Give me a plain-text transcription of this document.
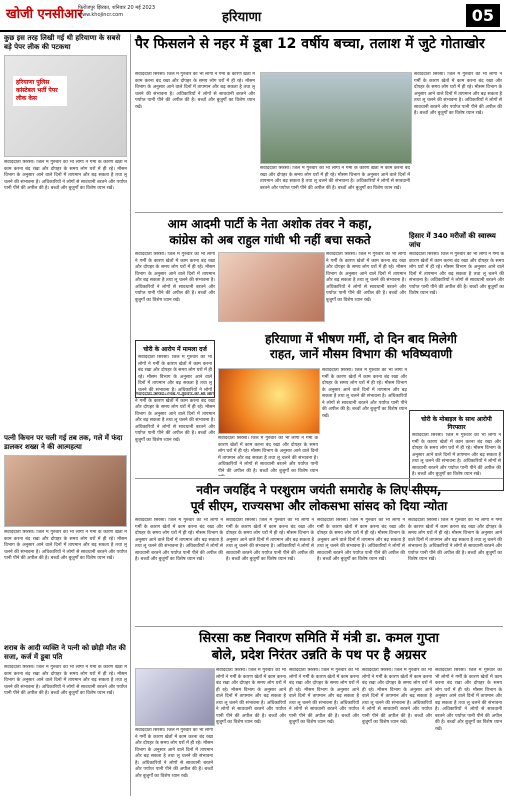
खोजी एनसीआर
फिरोजपुर झिरका, शनिवार 20 मई 2023
www.khojincr.com	हरियाणा	05
कुछ इस तरह लिखी गई थी हरियाणा के सबसे बड़े पेपर लीक की पटकथा
हरियाणा पुलिस कांस्टेबल भर्ती पेपर लीक केस
संवाददाता सिरसा। जिले में गुरुवार को भी लोगों ने गर्मी के कारण खेतों में काम करना बंद रखा और दोपहर के समय लोग घरों में ही रहे। मौसम विभाग के अनुसार आने वाले दिनों में तापमान और बढ़ सकता है तथा लू चलने की संभावना है। अधिकारियों ने लोगों से सावधानी बरतने और पर्याप्त पानी पीने की अपील की है। बच्चों और बुजुर्गों का विशेष ध्यान रखें।
पत्नी किचन पर चली गई तब तक, गले में फंदा डालकर शख्स ने की आत्महत्या
संवाददाता सिरसा। जिले में गुरुवार को भी लोगों ने गर्मी के कारण खेतों में काम करना बंद रखा और दोपहर के समय लोग घरों में ही रहे। मौसम विभाग के अनुसार आने वाले दिनों में तापमान और बढ़ सकता है तथा लू चलने की संभावना है। अधिकारियों ने लोगों से सावधानी बरतने और पर्याप्त पानी पीने की अपील की है। बच्चों और बुजुर्गों का विशेष ध्यान रखें।
शराब के आदी व्यक्ति ने पत्नी को छोड़ी मौत की सजा, कर्ज में डूबा पति
संवाददाता सिरसा। जिले में गुरुवार को भी लोगों ने गर्मी के कारण खेतों में काम करना बंद रखा और दोपहर के समय लोग घरों में ही रहे। मौसम विभाग के अनुसार आने वाले दिनों में तापमान और बढ़ सकता है तथा लू चलने की संभावना है। अधिकारियों ने लोगों से सावधानी बरतने और पर्याप्त पानी पीने की अपील की है। बच्चों और बुजुर्गों का विशेष ध्यान रखें।
पैर फिसलने से नहर में डूबा 12 वर्षीय बच्चा, तलाश में जुटे गोताखोर
संवाददाता सिरसा। जिले में गुरुवार को भी लोगों ने गर्मी के कारण खेतों में काम करना बंद रखा और दोपहर के समय लोग घरों में ही रहे। मौसम विभाग के अनुसार आने वाले दिनों में तापमान और बढ़ सकता है तथा लू चलने की संभावना है। अधिकारियों ने लोगों से सावधानी बरतने और पर्याप्त पानी पीने की अपील की है। बच्चों और बुजुर्गों का विशेष ध्यान रखें।
संवाददाता सिरसा। जिले में गुरुवार को भी लोगों ने गर्मी के कारण खेतों में काम करना बंद रखा और दोपहर के समय लोग घरों में ही रहे। मौसम विभाग के अनुसार आने वाले दिनों में तापमान और बढ़ सकता है तथा लू चलने की संभावना है। अधिकारियों ने लोगों से सावधानी बरतने और पर्याप्त पानी पीने की अपील की है। बच्चों और बुजुर्गों का विशेष ध्यान रखें।
संवाददाता सिरसा। जिले में गुरुवार को भी लोगों ने गर्मी के कारण खेतों में काम करना बंद रखा और दोपहर के समय लोग घरों में ही रहे। मौसम विभाग के अनुसार आने वाले दिनों में तापमान और बढ़ सकता है तथा लू चलने की संभावना है। अधिकारियों ने लोगों से सावधानी बरतने और पर्याप्त पानी पीने की अपील की है। बच्चों और बुजुर्गों का विशेष ध्यान रखें।
आम आदमी पार्टी के नेता अशोक तंवर ने कहा,
कांग्रेस को अब राहुल गांधी भी नहीं बचा सकते
संवाददाता सिरसा। जिले में गुरुवार को भी लोगों ने गर्मी के कारण खेतों में काम करना बंद रखा और दोपहर के समय लोग घरों में ही रहे। मौसम विभाग के अनुसार आने वाले दिनों में तापमान और बढ़ सकता है तथा लू चलने की संभावना है। अधिकारियों ने लोगों से सावधानी बरतने और पर्याप्त पानी पीने की अपील की है। बच्चों और बुजुर्गों का विशेष ध्यान रखें।
संवाददाता सिरसा। जिले में गुरुवार को भी लोगों ने गर्मी के कारण खेतों में काम करना बंद रखा और दोपहर के समय लोग घरों में ही रहे। मौसम विभाग के अनुसार आने वाले दिनों में तापमान और बढ़ सकता है तथा लू चलने की संभावना है। अधिकारियों ने लोगों से सावधानी बरतने और पर्याप्त पानी पीने की अपील की है। बच्चों और बुजुर्गों का विशेष ध्यान रखें।
चोरी के आरोप में मामला दर्ज
संवाददाता सिरसा। जिले में गुरुवार को भी लोगों ने गर्मी के कारण खेतों में काम करना बंद रखा और दोपहर के समय लोग घरों में ही रहे। मौसम विभाग के अनुसार आने वाले दिनों में तापमान और बढ़ सकता है तथा लू चलने की संभावना है। अधिकारियों ने लोगों
हिसार में 340 मरीजों की स्वास्थ्य जांच
संवाददाता सिरसा। जिले में गुरुवार को भी लोगों ने गर्मी के कारण खेतों में काम करना बंद रखा और दोपहर के समय लोग घरों में ही रहे। मौसम विभाग के अनुसार आने वाले दिनों में तापमान और बढ़ सकता है तथा लू चलने की संभावना है। अधिकारियों ने लोगों से सावधानी बरतने और पर्याप्त पानी पीने की अपील की है। बच्चों और बुजुर्गों का विशेष ध्यान रखें।
हरियाणा में भीषण गर्मी, दो दिन बाद मिलेगी
राहत, जानें मौसम विभाग की भविष्यवाणी
संवाददाता सिरसा। जिले में गुरुवार को भी लोगों ने गर्मी के कारण खेतों में काम करना बंद रखा और दोपहर के समय लोग घरों में ही रहे। मौसम विभाग के अनुसार आने वाले दिनों में तापमान और बढ़ सकता है तथा लू चलने की संभावना है। अधिकारियों ने लोगों से सावधानी बरतने और पर्याप्त पानी पीने की अपील की है। बच्चों और बुजुर्गों का विशेष ध्यान रखें।
संवाददाता सिरसा। जिले में गुरुवार को भी लोगों ने गर्मी के कारण खेतों में काम करना बंद रखा और दोपहर के समय लोग घरों में ही रहे। मौसम विभाग के अनुसार आने वाले दिनों में तापमान और बढ़ सकता है तथा लू चलने की संभावना है। अधिकारियों ने लोगों से सावधानी बरतने और पर्याप्त पानी पीने की अपील की है। बच्चों और बुजुर्गों का विशेष ध्यान रखें।
संवाददाता सिरसा। जिले में गुरुवार को भी लोगों ने गर्मी के कारण खेतों में काम करना बंद रखा और दोपहर के समय लोग घरों में ही रहे। मौसम विभाग के अनुसार आने वाले दिनों में तापमान और बढ़ सकता है तथा लू चलने की संभावना है। अधिकारियों ने लोगों से सावधानी बरतने और पर्याप्त पानी पीने की अपील की है। बच्चों और बुजुर्गों का विशेष ध्यान
चोरी के मोबाइल के साथ आरोपी गिरफ्तार
संवाददाता सिरसा। जिले में गुरुवार को भी लोगों ने गर्मी के कारण खेतों में काम करना बंद रखा और दोपहर के समय लोग घरों में ही रहे। मौसम विभाग के अनुसार आने वाले दिनों में तापमान और बढ़ सकता है तथा लू चलने की संभावना है। अधिकारियों ने लोगों से सावधानी बरतने और पर्याप्त पानी पीने की अपील की है। बच्चों और बुजुर्गों का विशेष ध्यान रखें।
नवीन जयहिंद ने परशुराम जयंती समारोह के लिए सीएम,
पूर्व सीएम, राज्यसभा और लोकसभा सांसद को दिया न्योता
संवाददाता सिरसा। जिले में गुरुवार को भी लोगों ने गर्मी के कारण खेतों में काम करना बंद रखा और दोपहर के समय लोग घरों में ही रहे। मौसम विभाग के अनुसार आने वाले दिनों में तापमान और बढ़ सकता है तथा लू चलने की संभावना है। अधिकारियों ने लोगों से सावधानी बरतने और पर्याप्त पानी पीने की अपील की है। बच्चों और बुजुर्गों का विशेष ध्यान रखें।
संवाददाता सिरसा। जिले में गुरुवार को भी लोगों ने गर्मी के कारण खेतों में काम करना बंद रखा और दोपहर के समय लोग घरों में ही रहे। मौसम विभाग के अनुसार आने वाले दिनों में तापमान और बढ़ सकता है तथा लू चलने की संभावना है। अधिकारियों ने लोगों से सावधानी बरतने और पर्याप्त पानी पीने की अपील की है। बच्चों और बुजुर्गों का विशेष ध्यान रखें।
संवाददाता सिरसा। जिले में गुरुवार को भी लोगों ने गर्मी के कारण खेतों में काम करना बंद रखा और दोपहर के समय लोग घरों में ही रहे। मौसम विभाग के अनुसार आने वाले दिनों में तापमान और बढ़ सकता है तथा लू चलने की संभावना है। अधिकारियों ने लोगों से सावधानी बरतने और पर्याप्त पानी पीने की अपील की है। बच्चों और बुजुर्गों का विशेष ध्यान रखें।
संवाददाता सिरसा। जिले में गुरुवार को भी लोगों ने गर्मी के कारण खेतों में काम करना बंद रखा और दोपहर के समय लोग घरों में ही रहे। मौसम विभाग के अनुसार आने वाले दिनों में तापमान और बढ़ सकता है तथा लू चलने की संभावना है। अधिकारियों ने लोगों से सावधानी बरतने और पर्याप्त पानी पीने की अपील की है। बच्चों और बुजुर्गों का विशेष ध्यान रखें।
सिरसा कष्ट निवारण समिति में मंत्री डा. कमल गुप्ता
बोले, प्रदेश निरंतर उन्नति के पथ पर है अग्रसर
संवाददाता सिरसा। जिले में गुरुवार को भी लोगों ने गर्मी के कारण खेतों में काम करना बंद रखा और दोपहर के समय लोग घरों में ही रहे। मौसम विभाग के अनुसार आने वाले दिनों में तापमान और बढ़ सकता है तथा लू चलने की संभावना है। अधिकारियों ने लोगों से सावधानी बरतने और पर्याप्त पानी पीने की अपील की है। बच्चों और बुजुर्गों का विशेष ध्यान रखें।
संवाददाता सिरसा। जिले में गुरुवार को भी लोगों ने गर्मी के कारण खेतों में काम करना बंद रखा और दोपहर के समय लोग घरों में ही रहे। मौसम विभाग के अनुसार आने वाले दिनों में तापमान और बढ़ सकता है तथा लू चलने की संभावना है। अधिकारियों ने लोगों से सावधानी बरतने और पर्याप्त पानी पीने की अपील की है। बच्चों और बुजुर्गों का विशेष ध्यान रखें।
संवाददाता सिरसा। जिले में गुरुवार को भी लोगों ने गर्मी के कारण खेतों में काम करना बंद रखा और दोपहर के समय लोग घरों में ही रहे। मौसम विभाग के अनुसार आने वाले दिनों में तापमान और बढ़ सकता है तथा लू चलने की संभावना है। अधिकारियों ने लोगों से सावधानी बरतने और पर्याप्त पानी पीने की अपील की है। बच्चों और बुजुर्गों का विशेष ध्यान रखें।
संवाददाता सिरसा। जिले में गुरुवार को भी लोगों ने गर्मी के कारण खेतों में काम करना बंद रखा और दोपहर के समय लोग घरों में ही रहे। मौसम विभाग के अनुसार आने वाले दिनों में तापमान और बढ़ सकता है तथा लू चलने की संभावना है। अधिकारियों ने लोगों से सावधानी बरतने और पर्याप्त पानी पीने की अपील की है। बच्चों और बुजुर्गों का विशेष ध्यान रखें।
संवाददाता सिरसा। जिले में गुरुवार को भी लोगों ने गर्मी के कारण खेतों में काम करना बंद रखा और दोपहर के समय लोग घरों में ही रहे। मौसम विभाग के अनुसार आने वाले दिनों में तापमान और बढ़ सकता है तथा लू चलने की संभावना है। अधिकारियों ने लोगों से सावधानी बरतने और पर्याप्त पानी पीने की अपील की है। बच्चों और बुजुर्गों का विशेष ध्यान रखें।
